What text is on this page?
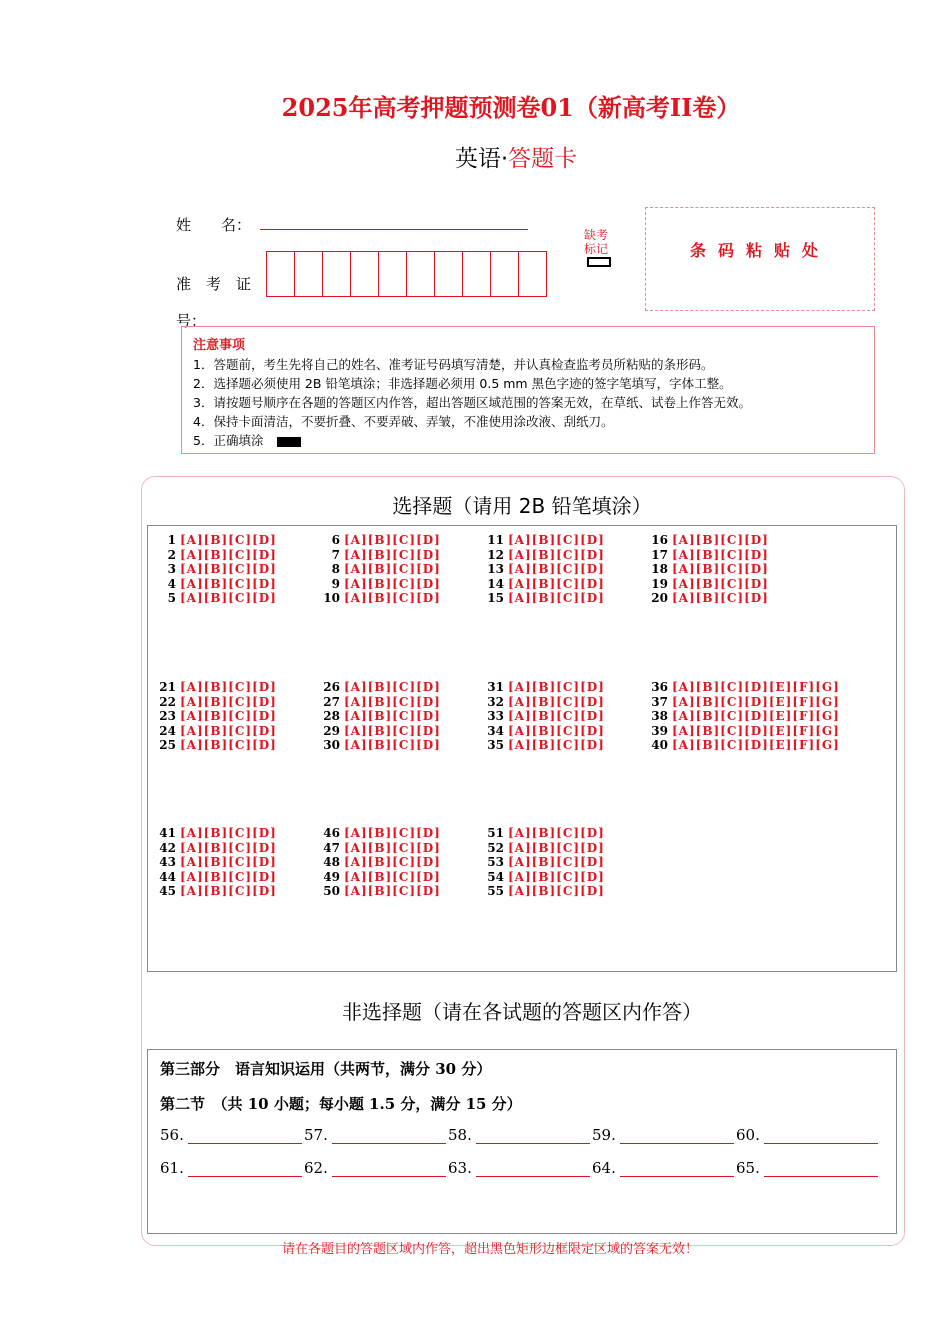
2025年高考押题预测卷01（新高考II卷）
英语·答题卡
姓　　名：
准　考　证
号：
缺考标记	条码粘贴处
注意事项
1．答题前，考生先将自己的姓名、准考证号码填写清楚，并认真检查监考员所粘贴的条形码。
2．选择题必须使用 2B 铅笔填涂；非选择题必须用 0.5 mm 黑色字迹的签字笔填写，字体工整。
3．请按题号顺序在各题的答题区内作答，超出答题区域范围的答案无效，在草纸、试卷上作答无效。
4．保持卡面清洁，不要折叠、不要弄破、弄皱，不准使用涂改液、刮纸刀。
5．正确填涂
选择题（请用 2B 铅笔填涂）
1 [A][B][C][D]
2 [A][B][C][D]
3 [A][B][C][D]
4 [A][B][C][D]
5 [A][B][C][D]
6 [A][B][C][D]
7 [A][B][C][D]
8 [A][B][C][D]
9 [A][B][C][D]
10 [A][B][C][D]
11 [A][B][C][D]
12 [A][B][C][D]
13 [A][B][C][D]
14 [A][B][C][D]
15 [A][B][C][D]
16 [A][B][C][D]
17 [A][B][C][D]
18 [A][B][C][D]
19 [A][B][C][D]
20 [A][B][C][D]
21 [A][B][C][D]
22 [A][B][C][D]
23 [A][B][C][D]
24 [A][B][C][D]
25 [A][B][C][D]
26 [A][B][C][D]
27 [A][B][C][D]
28 [A][B][C][D]
29 [A][B][C][D]
30 [A][B][C][D]
31 [A][B][C][D]
32 [A][B][C][D]
33 [A][B][C][D]
34 [A][B][C][D]
35 [A][B][C][D]
36 [A][B][C][D][E][F][G]
37 [A][B][C][D][E][F][G]
38 [A][B][C][D][E][F][G]
39 [A][B][C][D][E][F][G]
40 [A][B][C][D][E][F][G]
41 [A][B][C][D]
42 [A][B][C][D]
43 [A][B][C][D]
44 [A][B][C][D]
45 [A][B][C][D]
46 [A][B][C][D]
47 [A][B][C][D]
48 [A][B][C][D]
49 [A][B][C][D]
50 [A][B][C][D]
51 [A][B][C][D]
52 [A][B][C][D]
53 [A][B][C][D]
54 [A][B][C][D]
55 [A][B][C][D]
非选择题（请在各试题的答题区内作答）
第三部分　语言知识运用（共两节，满分 30 分）
第二节　（共 10 小题；每小题 1.5 分，满分 15 分）
56.	57.	58.	59.	60.
61.	62.	63.	64.	65.
请在各题目的答题区域内作答，超出黑色矩形边框限定区域的答案无效！
